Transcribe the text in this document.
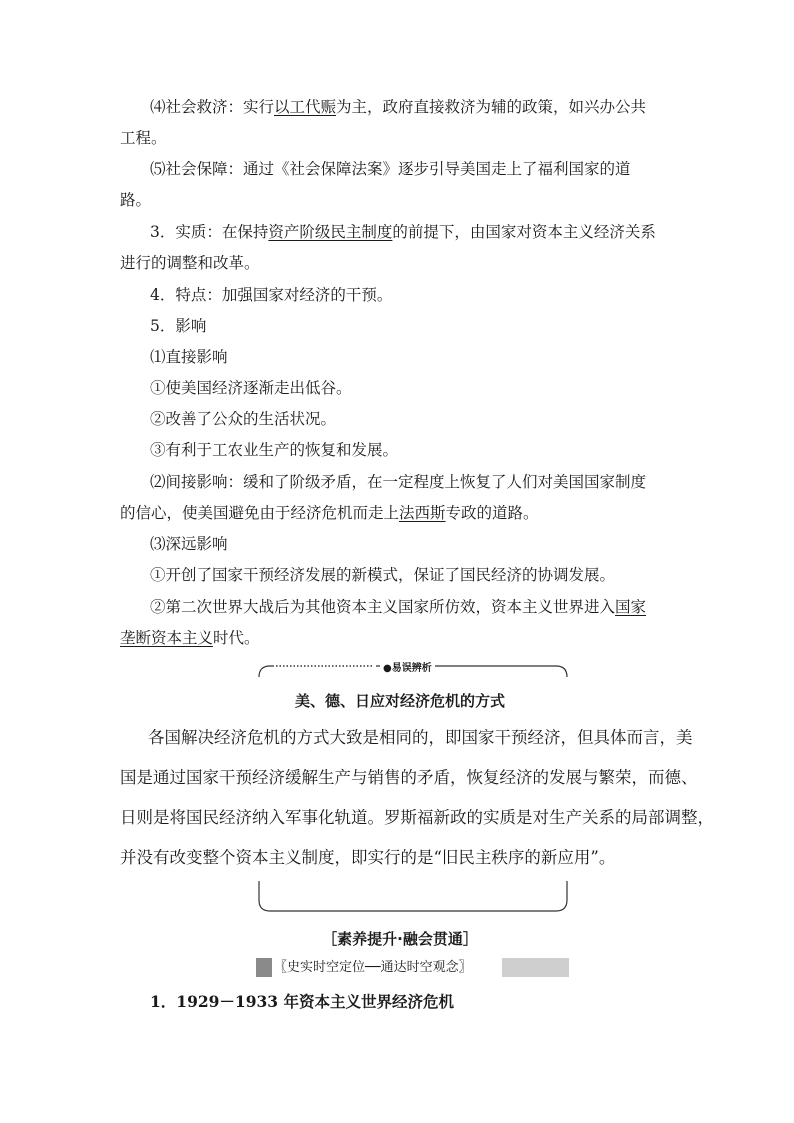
⑷社会救济：实行以工代赈为主，政府直接救济为辅的政策，如兴办公共
工程。
⑸社会保障：通过《社会保障法案》逐步引导美国走上了福利国家的道
路。
3．实质：在保持资产阶级民主制度的前提下，由国家对资本主义经济关系
进行的调整和改革。
4．特点：加强国家对经济的干预。
5．影响
⑴直接影响
①使美国经济逐渐走出低谷。
②改善了公众的生活状况。
③有利于工农业生产的恢复和发展。
⑵间接影响：缓和了阶级矛盾，在一定程度上恢复了人们对美国国家制度
的信心，使美国避免由于经济危机而走上法西斯专政的道路。
⑶深远影响
①开创了国家干预经济发展的新模式，保证了国民经济的协调发展。
②第二次世界大战后为其他资本主义国家所仿效，资本主义世界进入国家
垄断资本主义时代。
●易误辨析
美、德、日应对经济危机的方式
各国解决经济危机的方式大致是相同的，即国家干预经济，但具体而言，美
国是通过国家干预经济缓解生产与销售的矛盾，恢复经济的发展与繁荣，而德、
日则是将国民经济纳入军事化轨道。罗斯福新政的实质是对生产关系的局部调整，
并没有改变整个资本主义制度，即实行的是“旧民主秩序的新应用”。
［素养提升·融会贯通］
〖史实时空定位──通达时空观念〗
1．1929－1933 年资本主义世界经济危机
